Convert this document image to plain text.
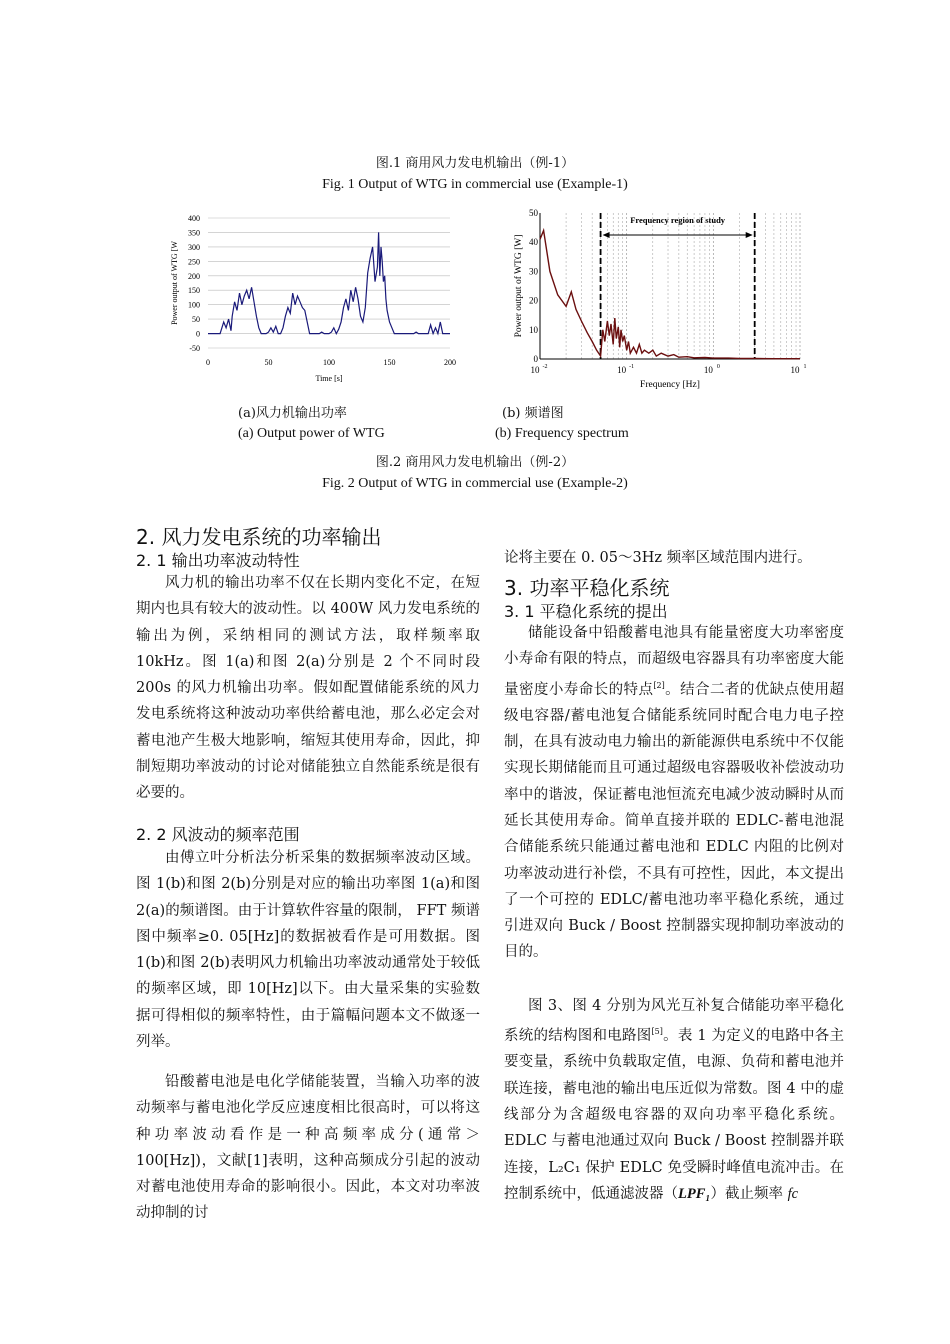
图.1 商用风力发电机输出（例-1）
Fig. 1 Output of WTG in commercial use (Example-1)
400
350
300
250
200
150
100
50
0
-50
0	50	100	150	200
Time [s]
Power output of WTG [W
10 -2	10 -1	10 0	10 1
50
40
30
20
10
0
Frequency region of study
Frequency [Hz]
Power output of WTG [W]
(a)风力机输出功率	(b) 频谱图
(a) Output power of WTG	(b) Frequency spectrum
图.2 商用风力发电机输出（例-2）
Fig. 2 Output of WTG in commercial use (Example-2)
2. 风力发电系统的功率输出
2. 1 输出功率波动特性
风力机的输出功率不仅在长期内变化不定，在短期内也具有较大的波动性。以 400W 风力发电系统的输出为例，采纳相同的测试方法，取样频率取 10kHz。图 1(a)和图 2(a)分别是 2 个不同时段 200s 的风力机输出功率。假如配置储能系统的风力发电系统将这种波动功率供给蓄电池，那么必定会对蓄电池产生极大地影响，缩短其使用寿命，因此，抑制短期功率波动的讨论对储能独立自然能系统是很有必要的。
2. 2 风波动的频率范围
由傅立叶分析法分析采集的数据频率波动区域。图 1(b)和图 2(b)分别是对应的输出功率图 1(a)和图 2(a)的频谱图。由于计算软件容量的限制， FFT 频谱图中频率≥0. 05[Hz]的数据被看作是可用数据。图 1(b)和图 2(b)表明风力机输出功率波动通常处于较低的频率区域，即 10[Hz]以下。由大量采集的实验数据可得相似的频率特性，由于篇幅问题本文不做逐一列举。
铅酸蓄电池是电化学储能装置，当输入功率的波动频率与蓄电池化学反应速度相比很高时，可以将这种功率波动看作是一种高频率成分(通常＞ 100[Hz])，文献[1]表明，这种高频成分引起的波动对蓄电池使用寿命的影响很小。因此，本文对功率波动抑制的讨
论将主要在 0. 05～3Hz 频率区域范围内进行。
3. 功率平稳化系统
3. 1 平稳化系统的提出
储能设备中铅酸蓄电池具有能量密度大功率密度小寿命有限的特点，而超级电容器具有功率密度大能量密度小寿命长的特点[2]。结合二者的优缺点使用超级电容器/蓄电池复合储能系统同时配合电力电子控制，在具有波动电力输出的新能源供电系统中不仅能实现长期储能而且可通过超级电容器吸收补偿波动功率中的谐波，保证蓄电池恒流充电减少波动瞬时从而延长其使用寿命。简单直接并联的 EDLC-蓄电池混合储能系统只能通过蓄电池和 EDLC 内阻的比例对功率波动进行补偿，不具有可控性，因此，本文提出了一个可控的 EDLC/蓄电池功率平稳化系统，通过引进双向 Buck / Boost 控制器实现抑制功率波动的目的。
图 3、图 4 分别为风光互补复合储能功率平稳化系统的结构图和电路图[5]。表 1 为定义的电路中各主要变量，系统中负载取定值，电源、负荷和蓄电池并联连接，蓄电池的输出电压近似为常数。图 4 中的虚线部分为含超级电容器的双向功率平稳化系统。EDLC 与蓄电池通过双向 Buck / Boost 控制器并联连接，L₂C₁ 保护 EDLC 免受瞬时峰值电流冲击。在控制系统中，低通滤波器（LPF₁）截止频率 fc
